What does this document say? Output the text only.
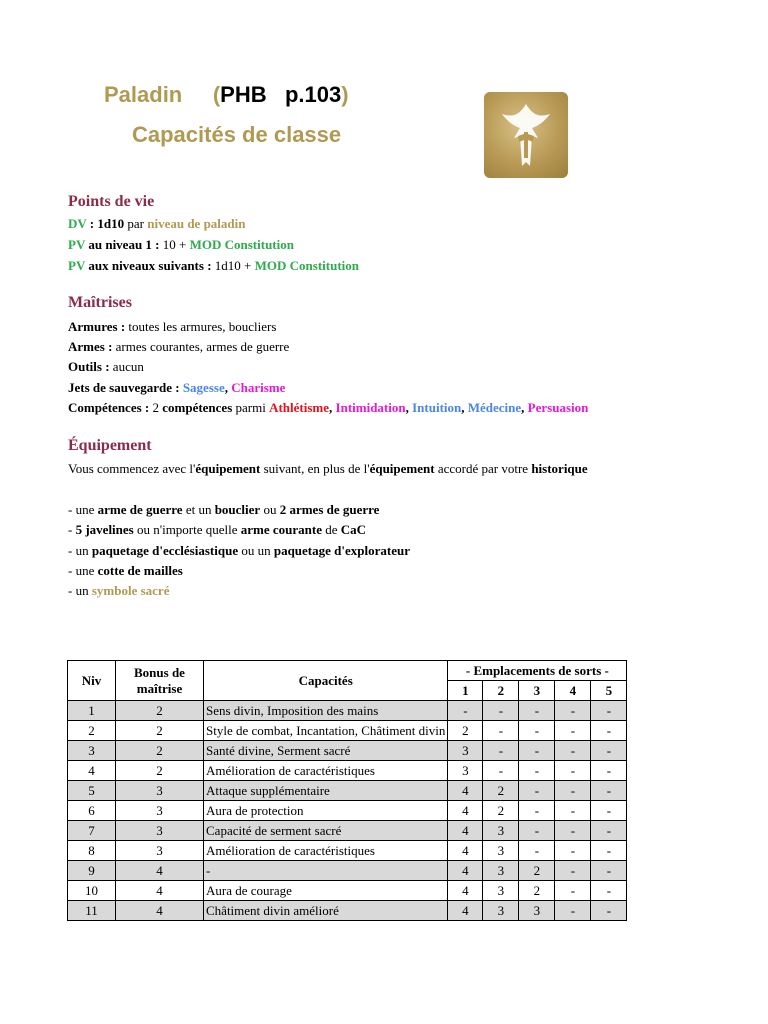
Paladin (PHB p.103)
Capacités de classe
Points de vie
DV : 1d10 par niveau de paladin
PV au niveau 1 : 10 + MOD Constitution
PV aux niveaux suivants : 1d10 + MOD Constitution
Maîtrises
Armures : toutes les armures, boucliers
Armes : armes courantes, armes de guerre
Outils : aucun
Jets de sauvegarde : Sagesse, Charisme
Compétences : 2 compétences parmi Athlétisme, Intimidation, Intuition, Médecine, Persuasion
Équipement
Vous commencez avec l'équipement suivant, en plus de l'équipement accordé par votre historique
- une arme de guerre et un bouclier ou 2 armes de guerre
- 5 javelines ou n'importe quelle arme courante de CaC
- un paquetage d'ecclésiastique ou un paquetage d'explorateur
- une cotte de mailles
- un symbole sacré
Niv	Bonus de maîtrise	Capacités	- Emplacements de sorts -				
			1	2	3	4	5
1	2	Sens divin, Imposition des mains	-	-	-	-	-
2	2	Style de combat, Incantation, Châtiment divin	2	-	-	-	-
3	2	Santé divine, Serment sacré	3	-	-	-	-
4	2	Amélioration de caractéristiques	3	-	-	-	-
5	3	Attaque supplémentaire	4	2	-	-	-
6	3	Aura de protection	4	2	-	-	-
7	3	Capacité de serment sacré	4	3	-	-	-
8	3	Amélioration de caractéristiques	4	3	-	-	-
9	4	-	4	3	2	-	-
10	4	Aura de courage	4	3	2	-	-
11	4	Châtiment divin amélioré	4	3	3	-	-
